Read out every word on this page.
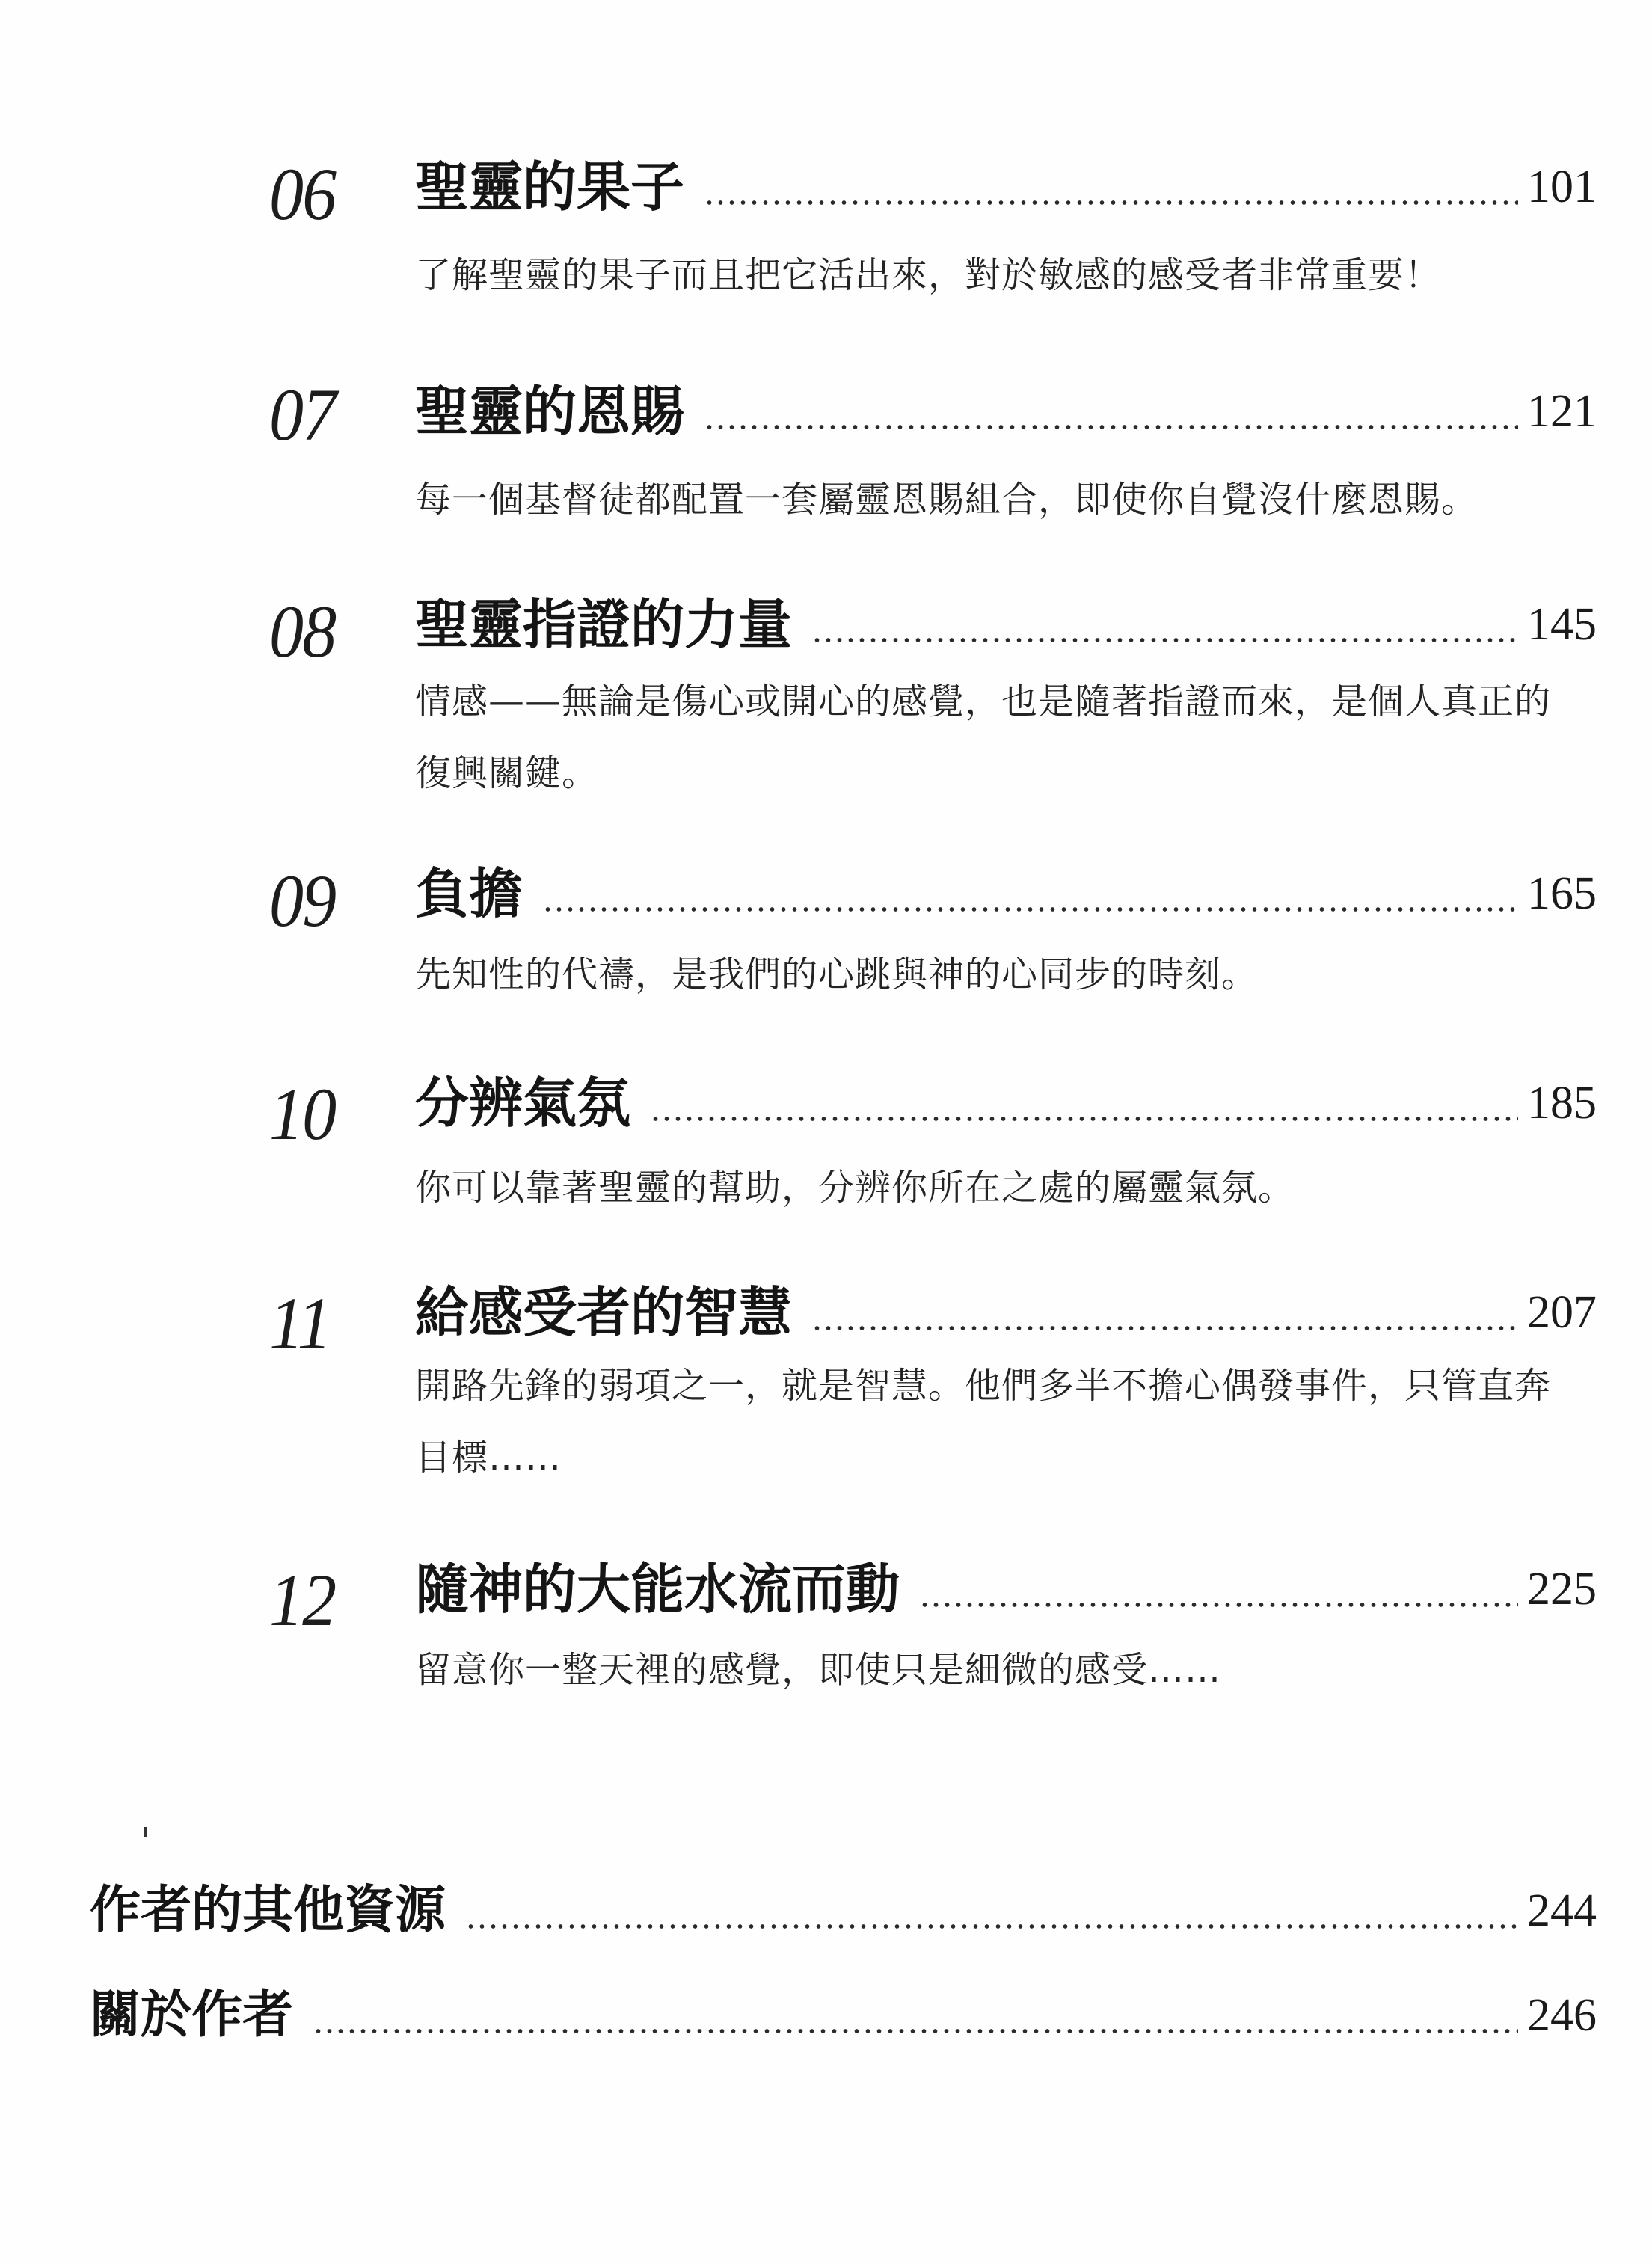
06	聖靈的果子	101
了解聖靈的果子而且把它活出來，對於敏感的感受者非常重要！
07	聖靈的恩賜	121
每一個基督徒都配置一套屬靈恩賜組合，即使你自覺沒什麼恩賜。
08	聖靈指證的力量	145
情感——無論是傷心或開心的感覺，也是隨著指證而來，是個人真正的復興關鍵。
09	負擔	165
先知性的代禱，是我們的心跳與神的心同步的時刻。
10	分辨氣氛	185
你可以靠著聖靈的幫助，分辨你所在之處的屬靈氣氛。
11	給感受者的智慧	207
開路先鋒的弱項之一，就是智慧。他們多半不擔心偶發事件，只管直奔目標……
12	隨神的大能水流而動	225
留意你一整天裡的感覺，即使只是細微的感受……
作者的其他資源	244
關於作者	246
